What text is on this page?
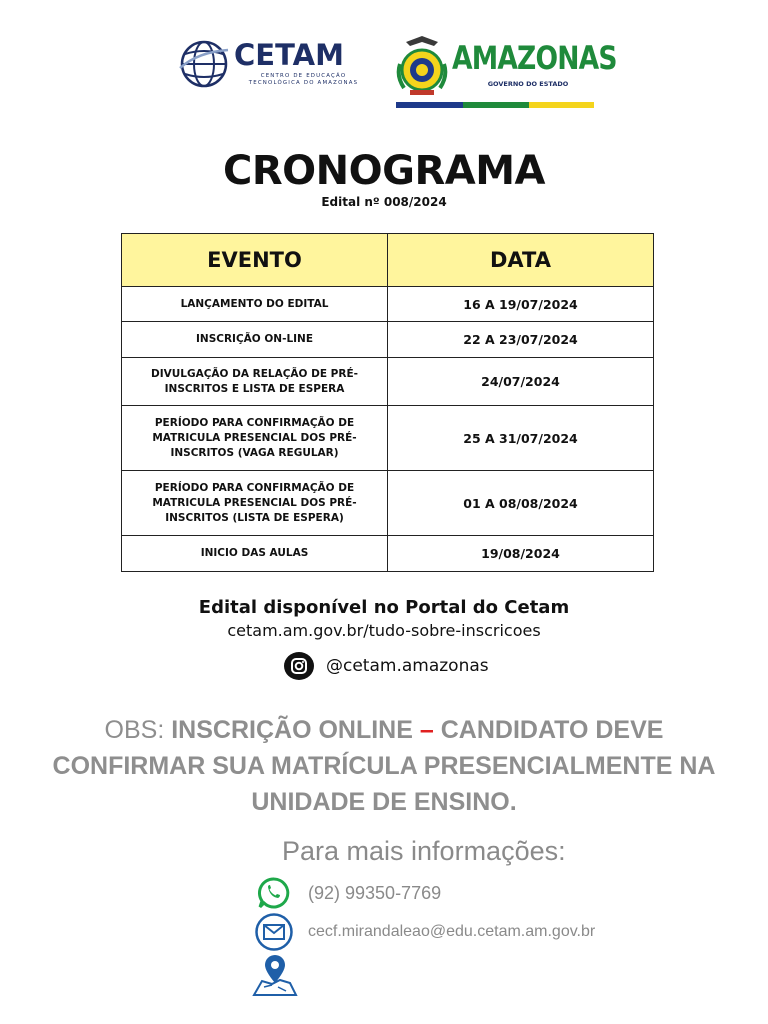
CETAM
CENTRO DE EDUCAÇÃO TECNOLÓGICA DO AMAZONAS
AMAZONAS
GOVERNO DO ESTADO
CRONOGRAMA
Edital nº 008/2024
EVENTO	DATA
LANÇAMENTO DO EDITAL	16 A 19/07/2024
INSCRIÇÃO ON-LINE	22 A 23/07/2024
DIVULGAÇÃO DA RELAÇÃO DE PRÉ-INSCRITOS E LISTA DE ESPERA	24/07/2024
PERÍODO PARA CONFIRMAÇÃO DE MATRICULA PRESENCIAL DOS PRÉ-INSCRITOS (VAGA REGULAR)	25 A 31/07/2024
PERÍODO PARA CONFIRMAÇÃO DE MATRICULA PRESENCIAL DOS PRÉ-INSCRITOS (LISTA DE ESPERA)	01 A 08/08/2024
INICIO DAS AULAS	19/08/2024
Edital disponível no Portal do Cetam
cetam.am.gov.br/tudo-sobre-inscricoes
@cetam.amazonas
OBS: INSCRIÇÃO ONLINE – CANDIDATO DEVE CONFIRMAR SUA MATRÍCULA PRESENCIALMENTE NA UNIDADE DE ENSINO.
Para mais informações:
(92) 99350-7769
cecf.mirandaleao@edu.cetam.am.gov.br
